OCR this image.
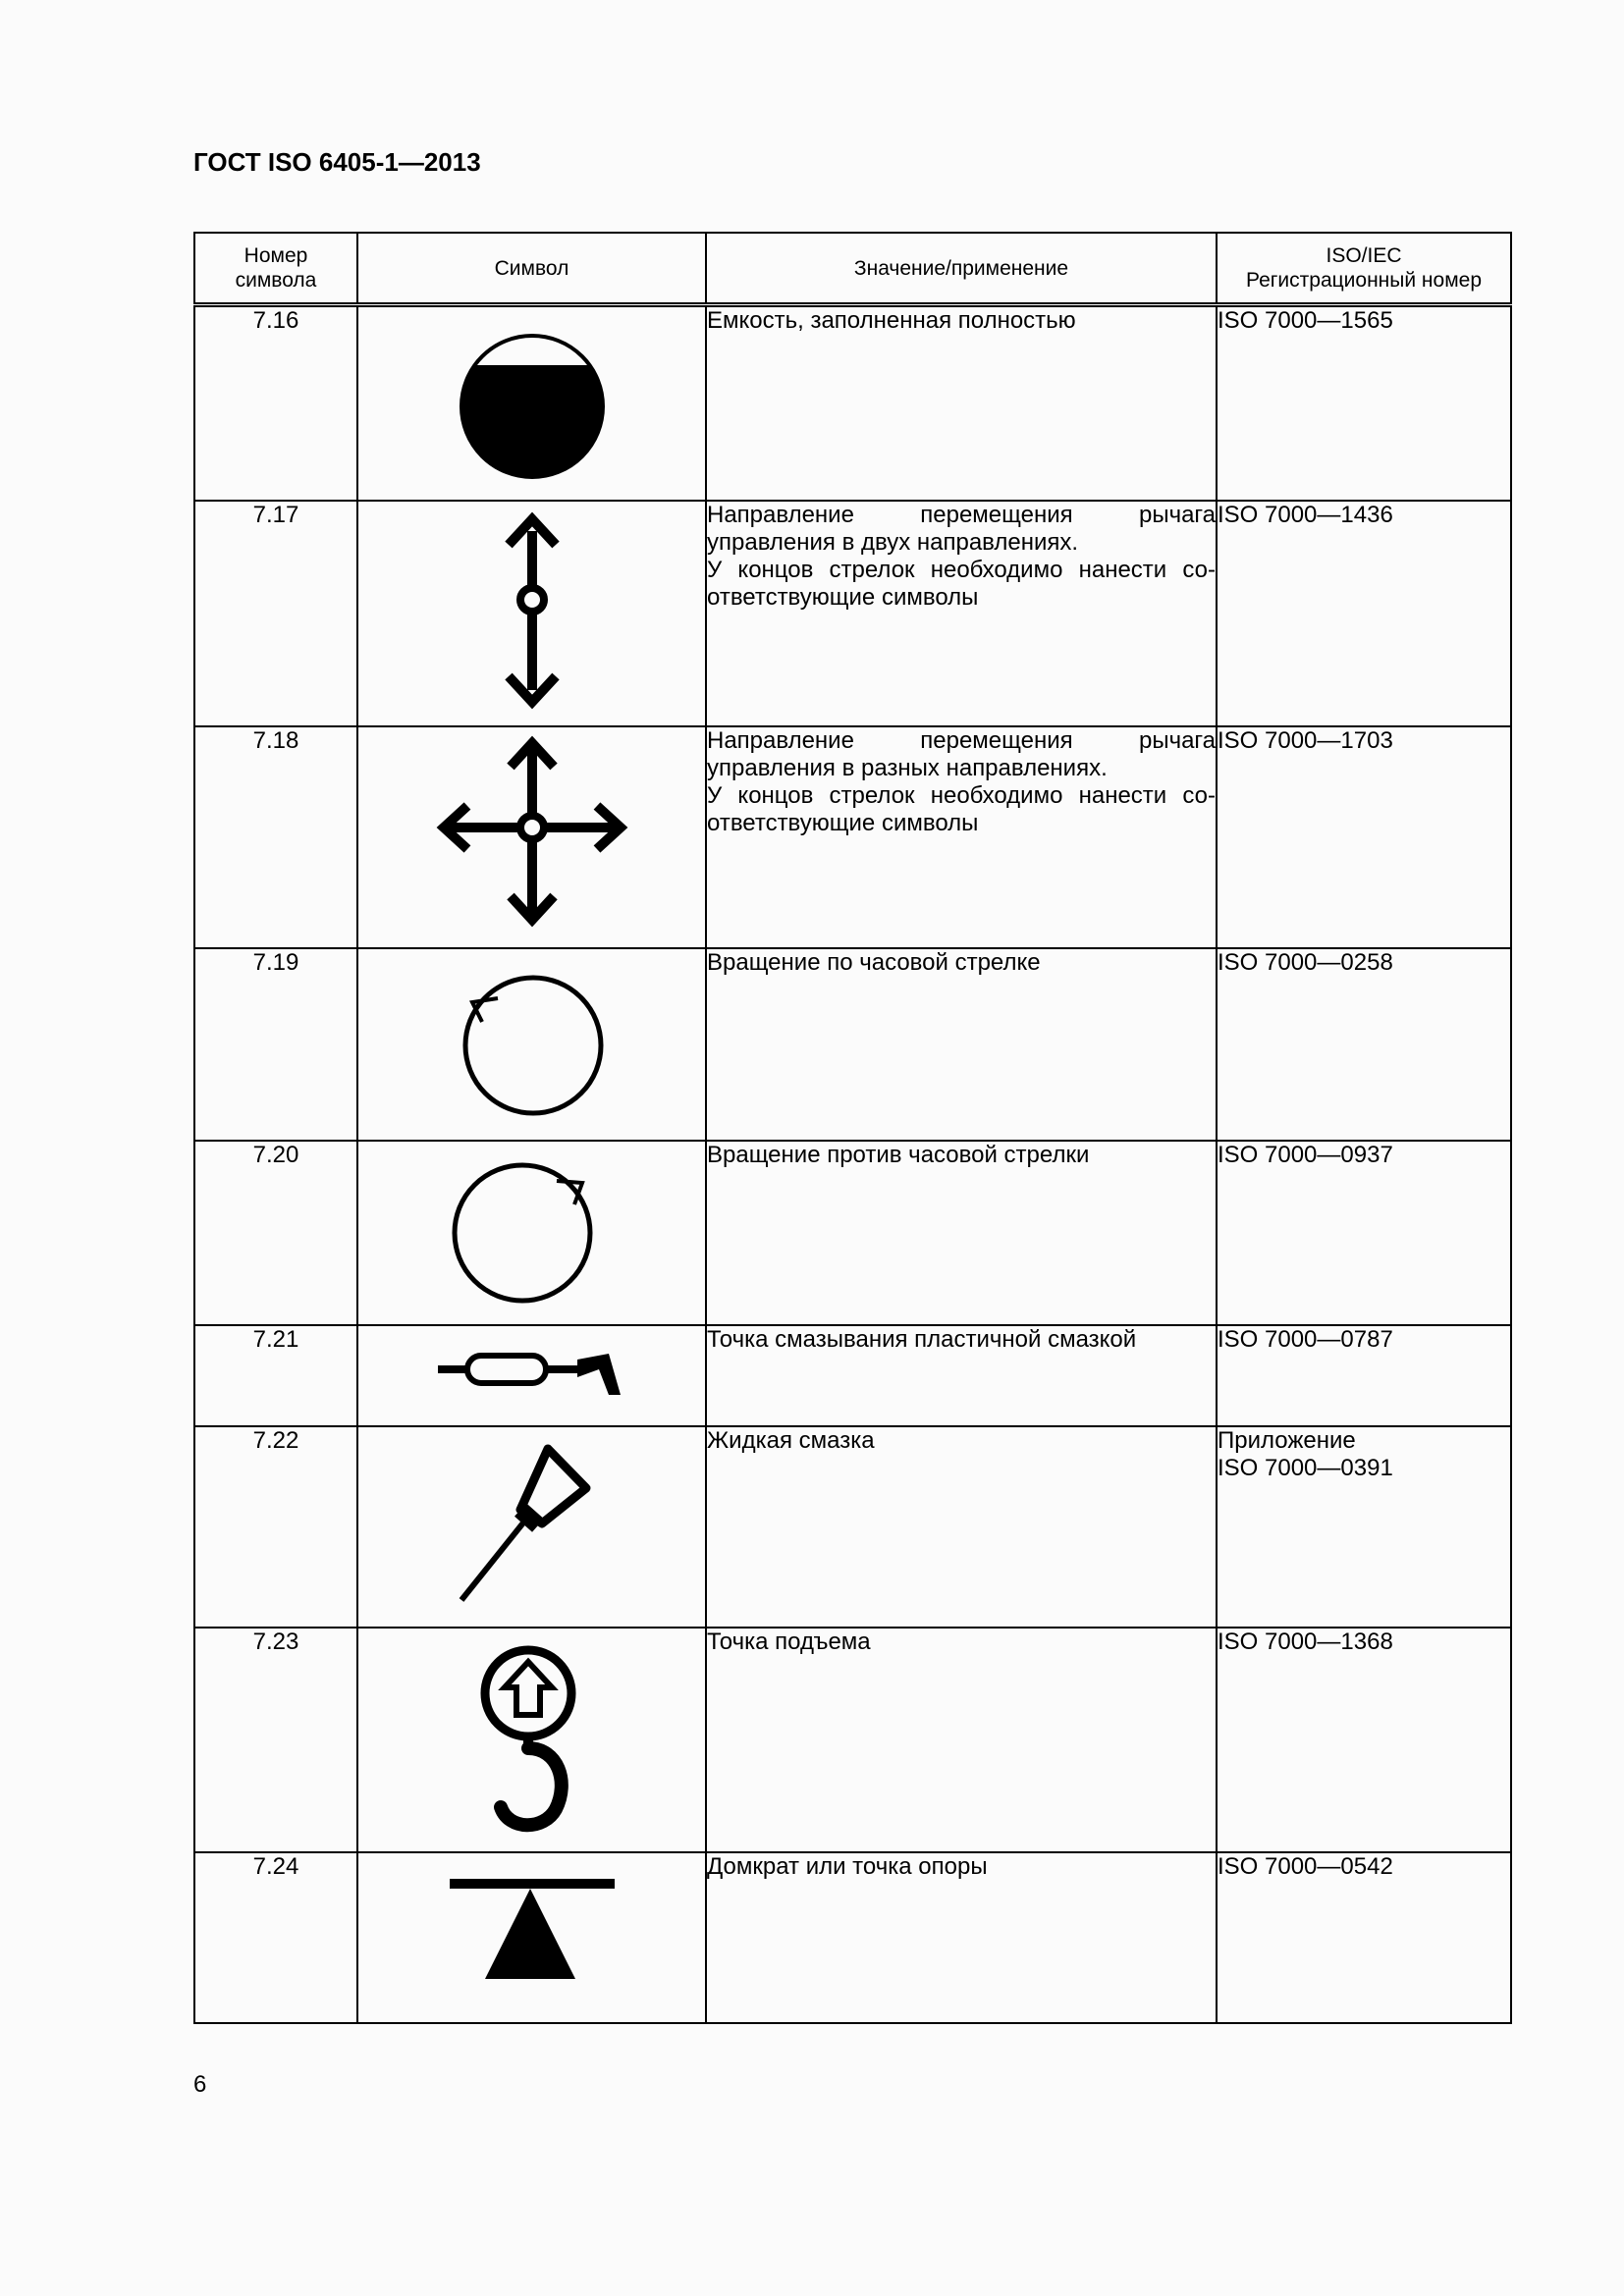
ГОСТ ISO 6405-1—2013
Номер
символа	Символ	Значение/применение	ISO/IEC
Регистрационный номер

7.16		Емкость, заполненная полностью	ISO 7000—1565

7.17		Направление перемещения рычага
управления в двух направлениях.
У концов стрелок необходимо нанести со-
ответствующие символы	ISO 7000—1436

7.18		Направление перемещения рычага
управления в разных направлениях.
У концов стрелок необходимо нанести со-
ответствующие символы	ISO 7000—1703

7.19		Вращение по часовой стрелке	ISO 7000—0258

7.20		Вращение против часовой стрелки	ISO 7000—0937

7.21		Точка смазывания пластичной смазкой	ISO 7000—0787

7.22		Жидкая смазка	Приложение
ISO 7000—0391

7.23		Точка подъема	ISO 7000—1368

7.24		Домкрат или точка опоры	ISO 7000—0542
6
